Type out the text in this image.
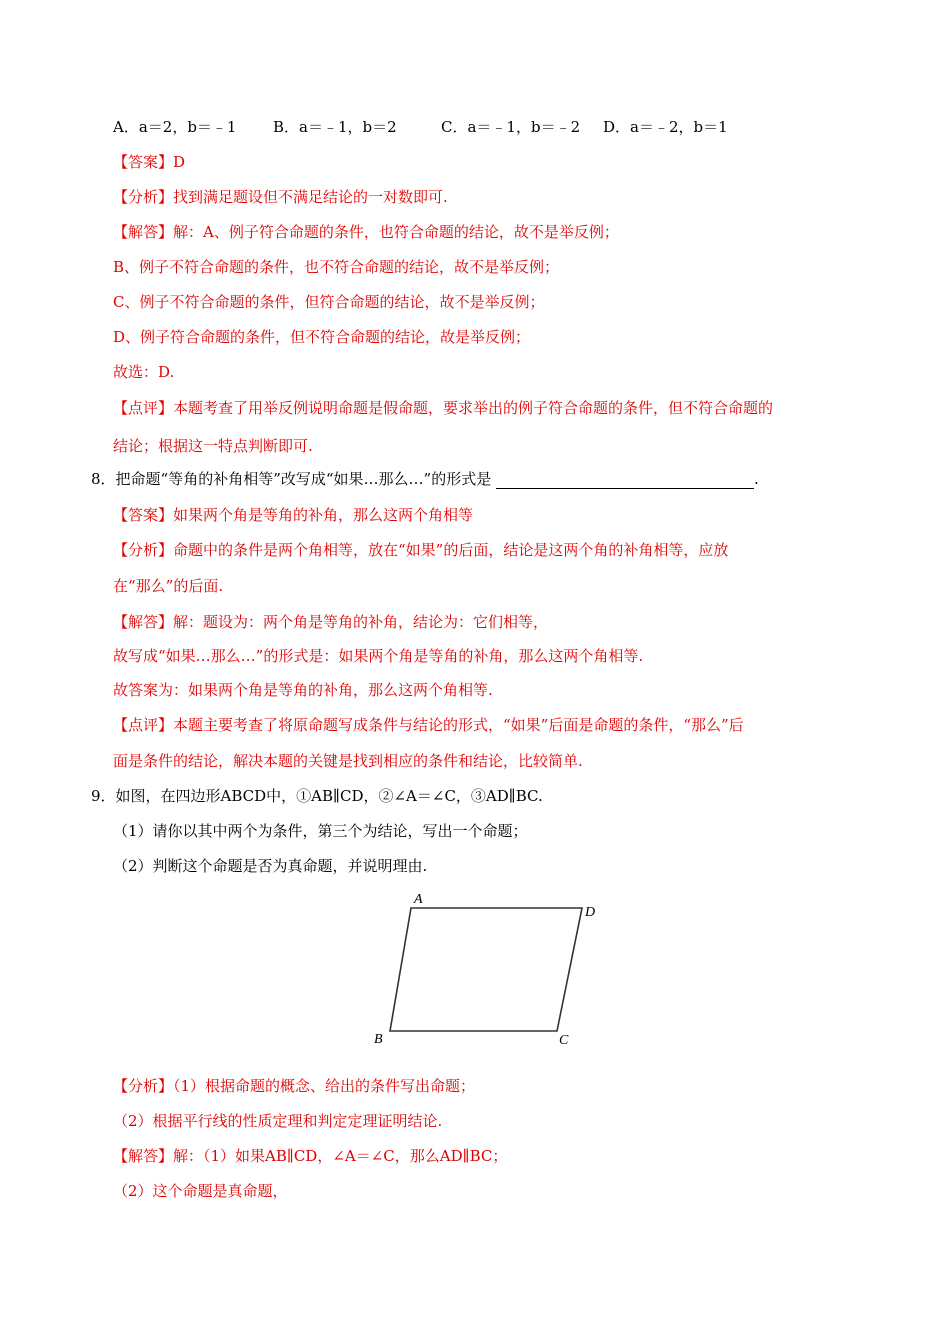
A．a＝2，b＝﹣1 B．a＝﹣1，b＝2	C．a＝﹣1，b＝﹣2 D．a＝﹣2，b＝1
【答案】D
【分析】找到满足题设但不满足结论的一对数即可.
【解答】解：A、例子符合命题的条件，也符合命题的结论，故不是举反例；
B、例子不符合命题的条件，也不符合命题的结论，故不是举反例；
C、例子不符合命题的条件，但符合命题的结论，故不是举反例；
D、例子符合命题的条件，但不符合命题的结论，故是举反例；
故选：D.
【点评】本题考查了用举反例说明命题是假命题，要求举出的例子符合命题的条件，但不符合命题的
结论；根据这一特点判断即可.
8．把命题“等角的补角相等”改写成“如果…那么…”的形式是	.
【答案】如果两个角是等角的补角，那么这两个角相等
【分析】命题中的条件是两个角相等，放在“如果”的后面，结论是这两个角的补角相等，应放
在“那么”的后面.
【解答】解：题设为：两个角是等角的补角，结论为：它们相等，
故写成“如果…那么…”的形式是：如果两个角是等角的补角，那么这两个角相等.
故答案为：如果两个角是等角的补角，那么这两个角相等.
【点评】本题主要考查了将原命题写成条件与结论的形式，“如果”后面是命题的条件，“那么”后
面是条件的结论，解决本题的关键是找到相应的条件和结论，比较简单.
9．如图，在四边形ABCD中，①AB∥CD，②∠A＝∠C，③AD∥BC.
（1）请你以其中两个为条件，第三个为结论，写出一个命题；
（2）判断这个命题是否为真命题，并说明理由.
A
D
B	C
【分析】（1）根据命题的概念、给出的条件写出命题；
（2）根据平行线的性质定理和判定定理证明结论.
【解答】解：（1）如果AB∥CD，∠A＝∠C，那么AD∥BC；
（2）这个命题是真命题，
